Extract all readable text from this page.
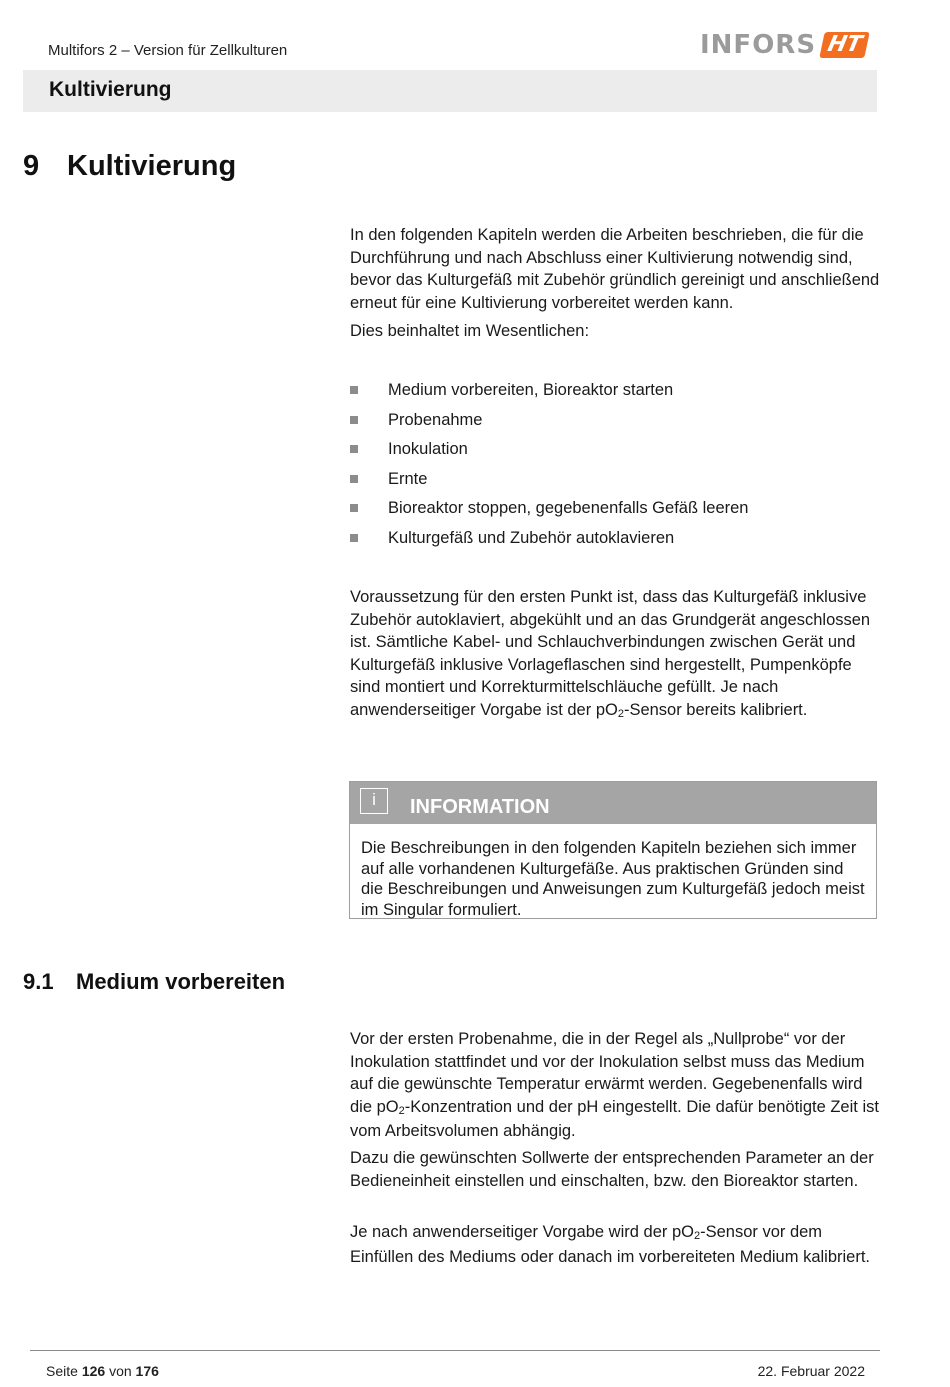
Multifors 2 – Version für Zellkulturen	INFORS HT
Kultivierung
9 Kultivierung

In den folgenden Kapiteln werden die Arbeiten beschrieben, die für die Durchführung und nach Abschluss einer Kultivierung notwendig sind, bevor das Kulturgefäß mit Zubehör gründlich gereinigt und anschließend erneut für eine Kultivierung vorbereitet werden kann.

Dies beinhaltet im Wesentlichen:

Medium vorbereiten, Bioreaktor starten
Probenahme
Inokulation
Ernte
Bioreaktor stoppen, gegebenenfalls Gefäß leeren
Kulturgefäß und Zubehör autoklavieren

Voraussetzung für den ersten Punkt ist, dass das Kulturgefäß inklusive Zubehör autoklaviert, abgekühlt und an das Grundgerät angeschlossen ist. Sämtliche Kabel- und Schlauchverbindungen zwischen Gerät und Kulturgefäß inklusive Vorlageflaschen sind hergestellt, Pumpenköpfe sind montiert und Korrekturmittelschläuche gefüllt. Je nach anwenderseitiger Vorgabe ist der $pO_2$-Sensor bereits kalibriert.

i	INFORMATION

Die Beschreibungen in den folgenden Kapiteln beziehen sich immer auf alle vorhandenen Kulturgefäße. Aus praktischen Gründen sind die Beschreibungen und Anweisungen zum Kulturgefäß jedoch meist im Singular formuliert.

9.1 Medium vorbereiten

Vor der ersten Probenahme, die in der Regel als „Nullprobe“ vor der Inokulation stattfindet und vor der Inokulation selbst muss das Medium auf die gewünschte Temperatur erwärmt werden. Gegebenenfalls wird die $pO_2$-Konzentration und der pH eingestellt. Die dafür benötigte Zeit ist vom Arbeitsvolumen abhängig.

Dazu die gewünschten Sollwerte der entsprechenden Parameter an der Bedieneinheit einstellen und einschalten, bzw. den Bioreaktor starten.

Je nach anwenderseitiger Vorgabe wird der $pO_2$-Sensor vor dem Einfüllen des Mediums oder danach im vorbereiteten Medium kalibriert.

Seite 126 von 176	22. Februar 2022
